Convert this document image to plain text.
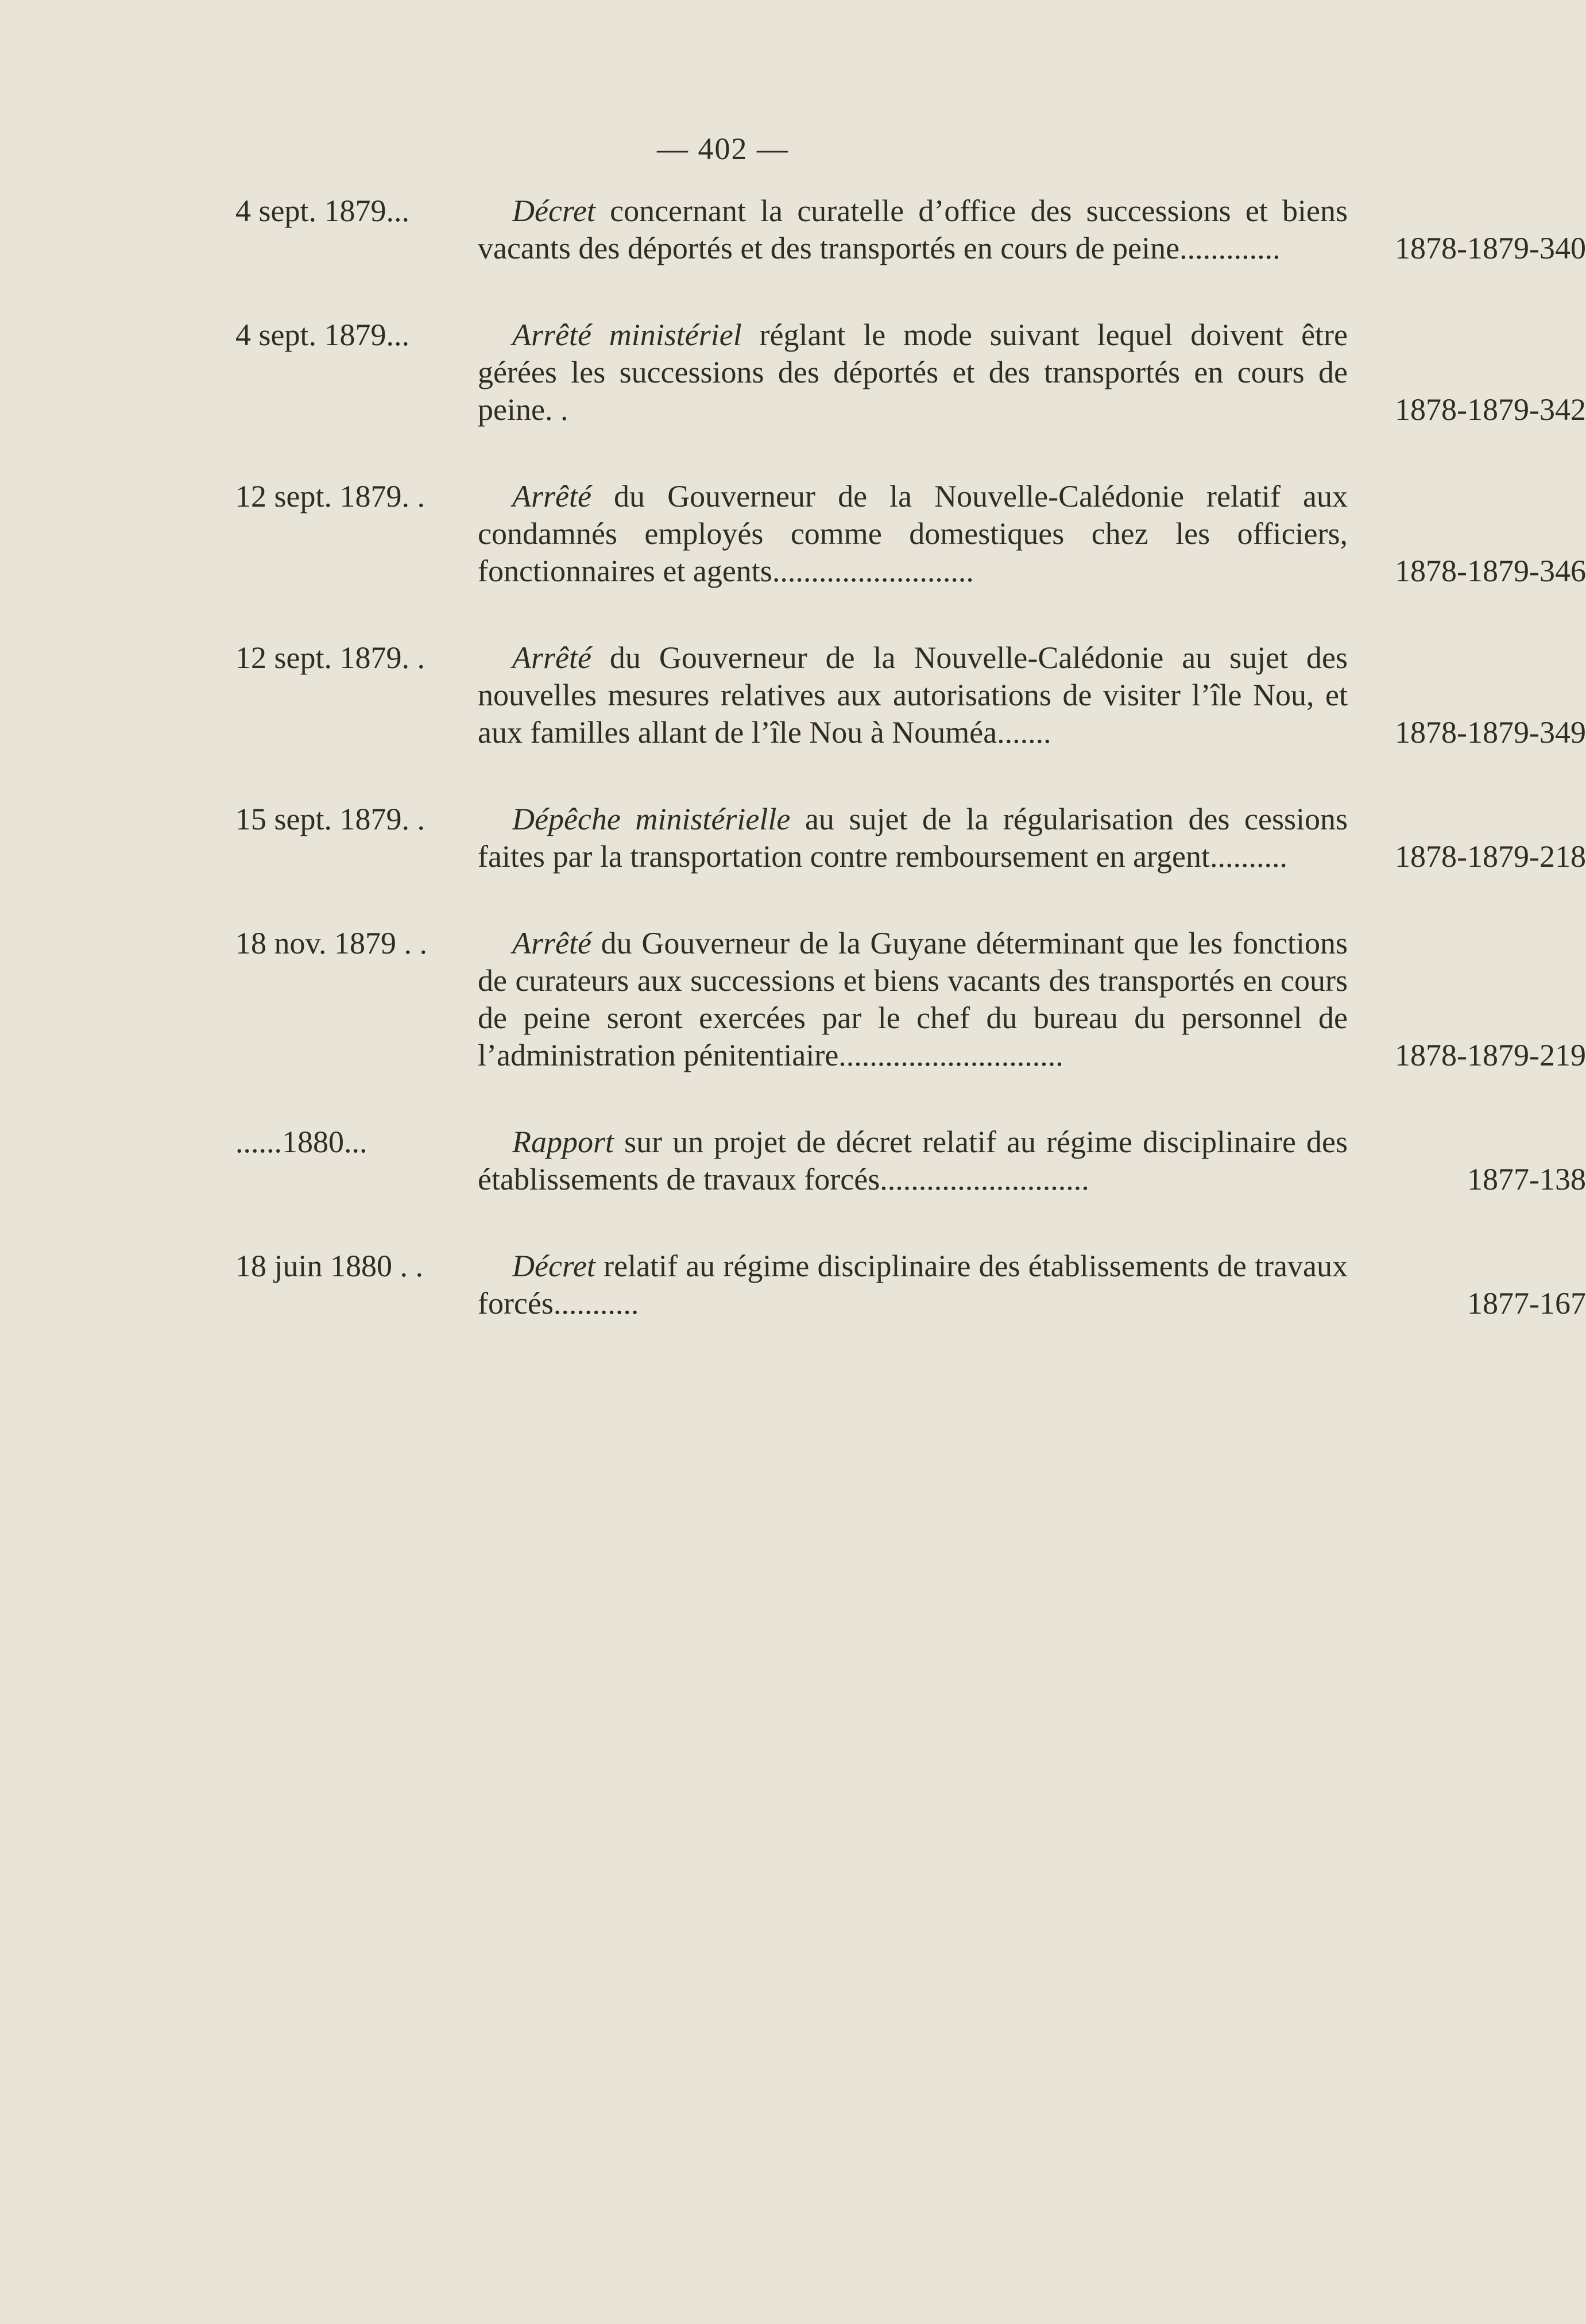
— 402 —
4 sept. 1879...	Décret concernant la curatelle d’office des successions et biens vacants des déportés et des transportés en cours de peine.............	1878-1879-340
4 sept. 1879...	Arrêté ministériel réglant le mode suivant lequel doivent être gérées les successions des déportés et des transportés en cours de peine. .	1878-1879-342
12 sept. 1879. .	Arrêté du Gouverneur de la Nouvelle-Calédonie relatif aux condamnés employés comme domestiques chez les officiers, fonctionnaires et agents..........................	1878-1879-346
12 sept. 1879. .	Arrêté du Gouverneur de la Nouvelle-Calédonie au sujet des nouvelles mesures relatives aux autorisations de visiter l’île Nou, et aux familles allant de l’île Nou à Nouméa.......	1878-1879-349
15 sept. 1879. .	Dépêche ministérielle au sujet de la régularisation des cessions faites par la transportation contre remboursement en argent..........	1878-1879-218
18 nov. 1879 . .	Arrêté du Gouverneur de la Guyane déterminant que les fonctions de curateurs aux successions et biens vacants des transportés en cours de peine seront exercées par le chef du bureau du personnel de l’administration pénitentiaire.............................	1878-1879-219
......1880...	Rapport sur un projet de décret relatif au régime disciplinaire des établissements de travaux forcés...........................	1877-138
18 juin 1880 . .	Décret relatif au régime disciplinaire des établissements de travaux forcés...........	1877-167
